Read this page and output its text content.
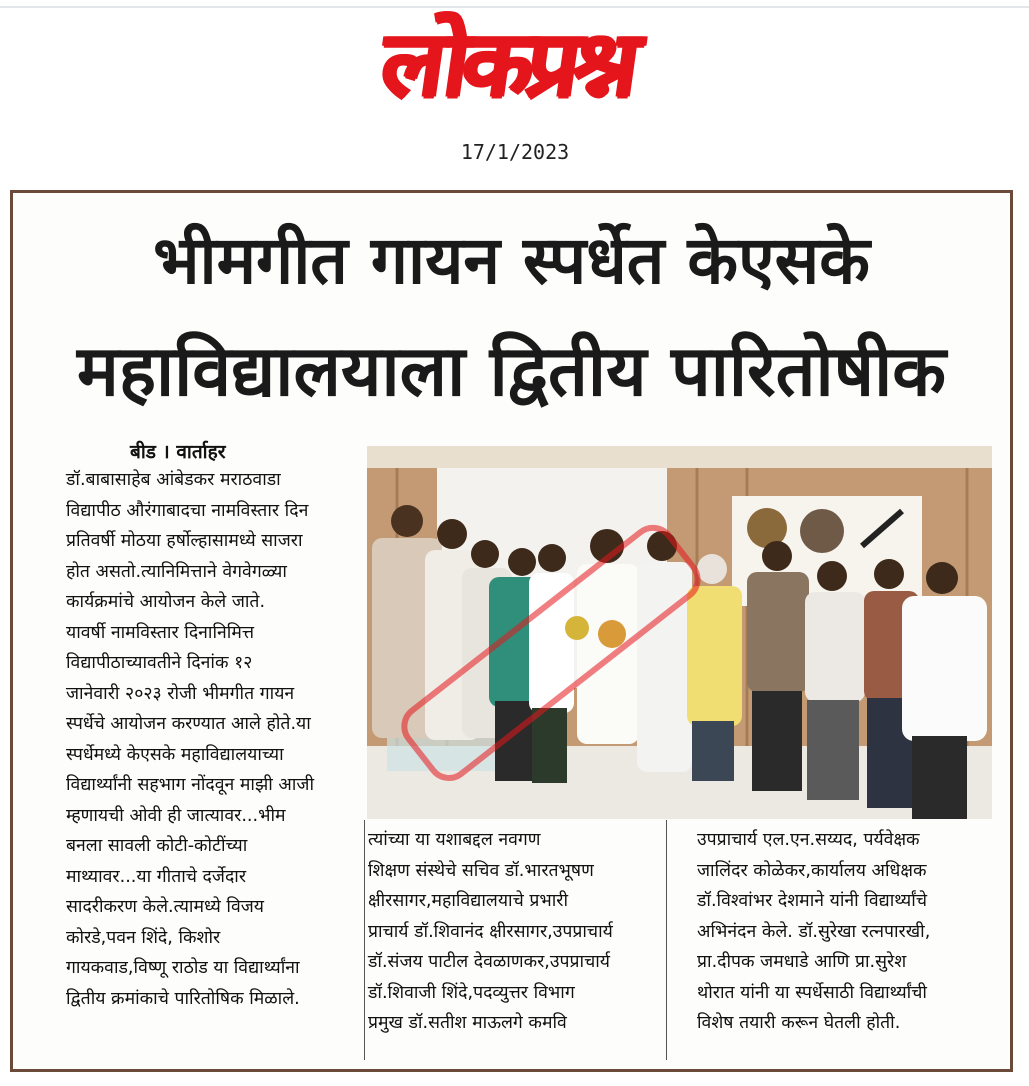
लोकप्रश्न
17/1/2023
भीमगीत गायन स्पर्धेत केएसके
महाविद्यालयाला द्वितीय पारितोषीक
बीड । वार्ताहर
डॉ.बाबासाहेब आंबेडकर मराठवाडा
विद्यापीठ औरंगाबादचा नामविस्तार दिन
प्रतिवर्षी मोठया हर्षोल्हासामध्ये साजरा
होत असतो.त्यानिमित्ताने वेगवेगळ्या
कार्यक्रमांचे आयोजन केले जाते.
यावर्षी नामविस्तार दिनानिमित्त
विद्यापीठाच्यावतीने दिनांक १२
जानेवारी २०२३ रोजी भीमगीत गायन
स्पर्धेचे आयोजन करण्यात आले होते.या
स्पर्धेमध्ये केएसके महाविद्यालयाच्या
विद्यार्थ्यांनी सहभाग नोंदवून माझी आजी
म्हणायची ओवी ही जात्यावर...भीम
बनला सावली कोटी-कोटींच्या
माथ्यावर...या गीताचे दर्जेदार
सादरीकरण केले.त्यामध्ये विजय
कोरडे,पवन शिंदे, किशोर
गायकवाड,विष्णू राठोड या विद्यार्थ्यांना
द्वितीय क्रमांकाचे पारितोषिक मिळाले.
त्यांच्या या यशाबद्दल नवगण
शिक्षण संस्थेचे सचिव डॉ.भारतभूषण
क्षीरसागर,महाविद्यालयाचे प्रभारी
प्राचार्य डॉ.शिवानंद क्षीरसागर,उपप्राचार्य
डॉ.संजय पाटील देवळाणकर,उपप्राचार्य
डॉ.शिवाजी शिंदे,पदव्युत्तर विभाग
प्रमुख डॉ.सतीश माऊलगे कमवि
उपप्राचार्य एल.एन.सय्यद, पर्यवेक्षक
जालिंदर कोळेकर,कार्यालय अधिक्षक
डॉ.विश्वांभर देशमाने यांनी विद्यार्थ्यांचे
अभिनंदन केले. डॉ.सुरेखा रत्नपारखी,
प्रा.दीपक जमधाडे आणि प्रा.सुरेश
थोरात यांनी या स्पर्धेसाठी विद्यार्थ्यांची
विशेष तयारी करून घेतली होती.
